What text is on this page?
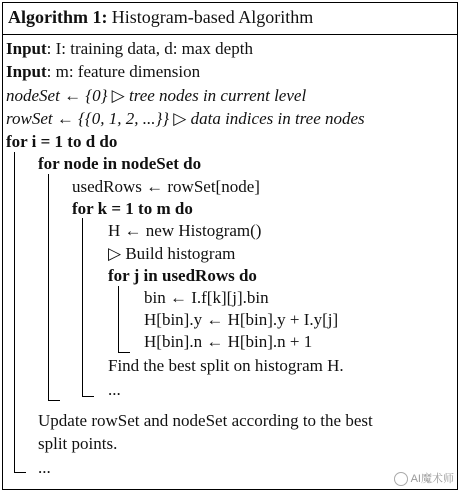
Algorithm 1: Histogram-based Algorithm
Input: I: training data, d: max depth
Input: m: feature dimension
nodeSet ← {0} ▷ tree nodes in current level
rowSet ← {{0, 1, 2, ...}} ▷ data indices in tree nodes
for i = 1 to d do
for node in nodeSet do
usedRows ← rowSet[node]
for k = 1 to m do
H ← new Histogram()
▷ Build histogram
for j in usedRows do
bin ← I.f[k][j].bin
H[bin].y ← H[bin].y + I.y[j]
H[bin].n ← H[bin].n + 1
Find the best split on histogram H.
...
Update rowSet and nodeSet according to the best
split points.
...
AI魔术师
